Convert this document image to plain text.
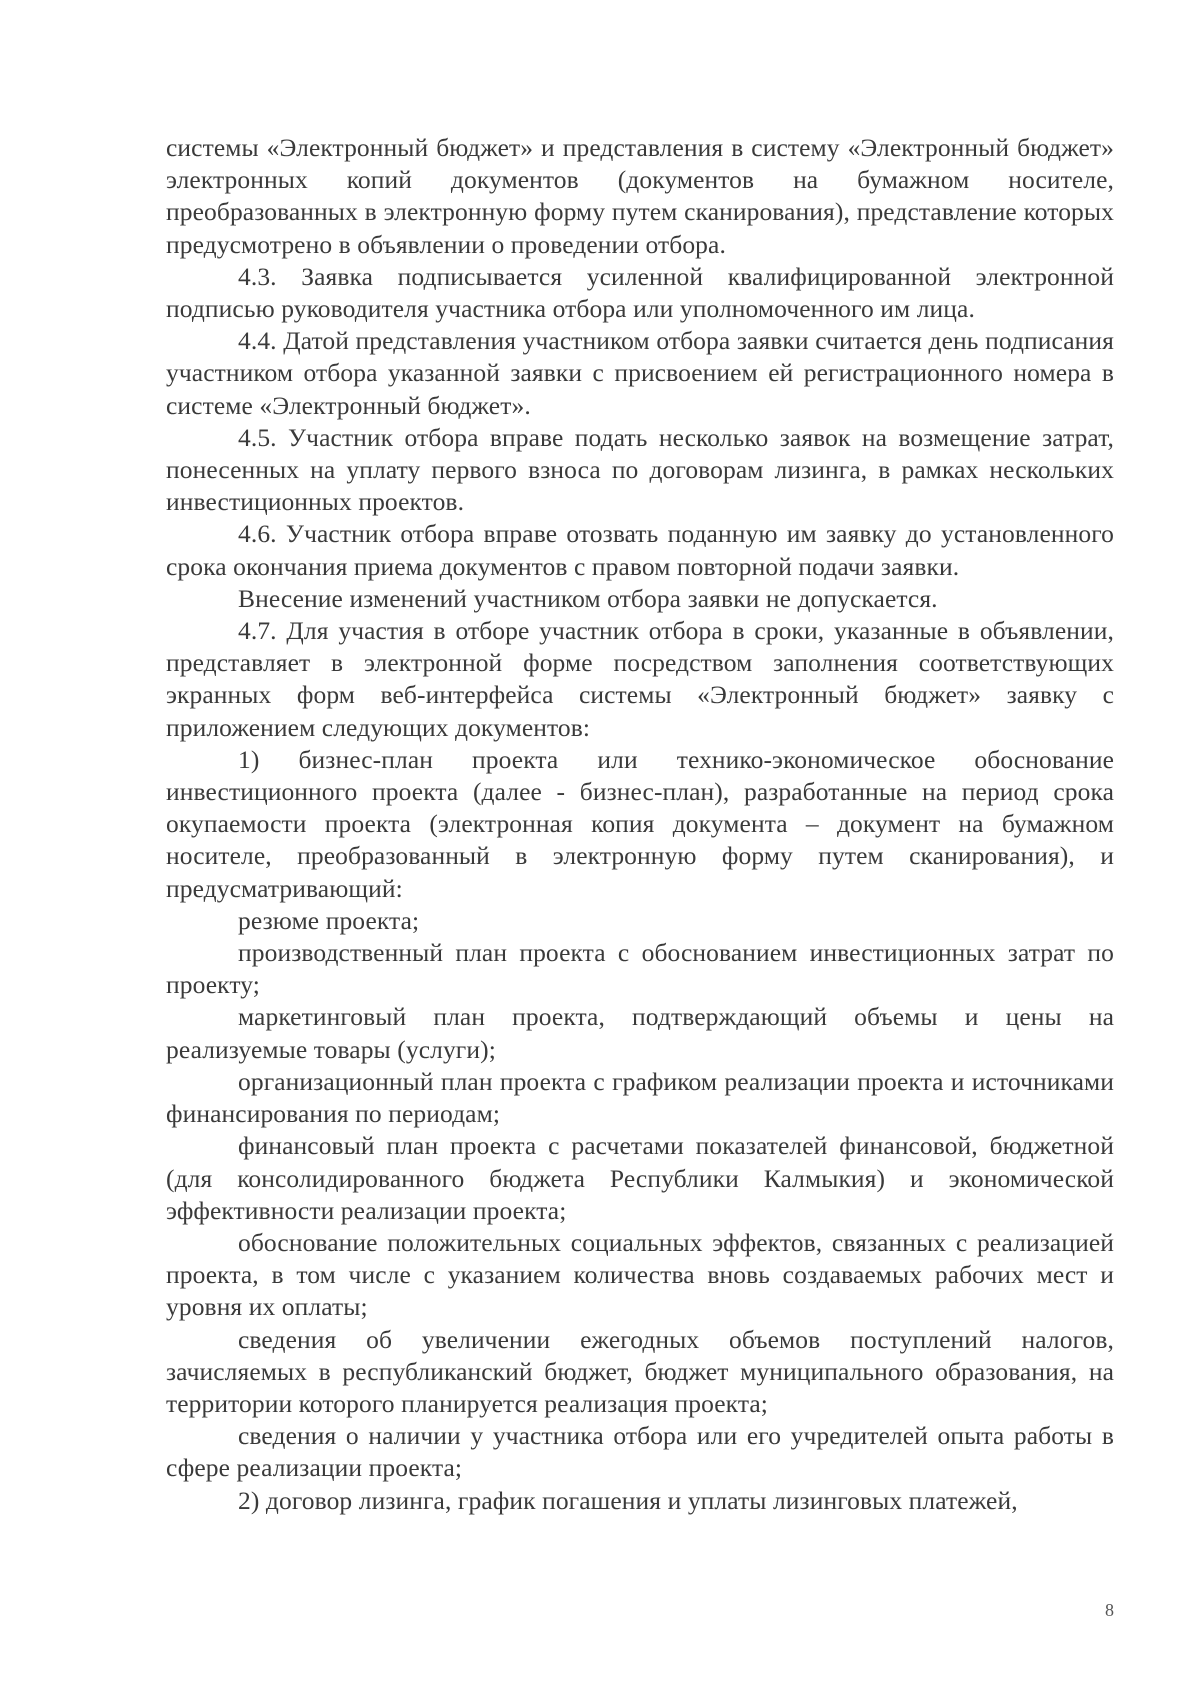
системы «Электронный бюджет» и представления в систему «Электронный бюджет» электронных копий документов (документов на бумажном носителе, преобразованных в электронную форму путем сканирования), представление которых предусмотрено в объявлении о проведении отбора.

4.3. Заявка подписывается усиленной квалифицированной электронной подписью руководителя участника отбора или уполномоченного им лица.

4.4. Датой представления участником отбора заявки считается день подписания участником отбора указанной заявки с присвоением ей регистрационного номера в системе «Электронный бюджет».

4.5. Участник отбора вправе подать несколько заявок на возмещение затрат, понесенных на уплату первого взноса по договорам лизинга, в рамках нескольких инвестиционных проектов.

4.6. Участник отбора вправе отозвать поданную им заявку до установленного срока окончания приема документов с правом повторной подачи заявки.

Внесение изменений участником отбора заявки не допускается.

4.7. Для участия в отборе участник отбора в сроки, указанные в объявлении, представляет в электронной форме посредством заполнения соответствующих экранных форм веб-интерфейса системы «Электронный бюджет» заявку с приложением следующих документов:

1) бизнес-план проекта или технико-экономическое обоснование инвестиционного проекта (далее - бизнес-план), разработанные на период срока окупаемости проекта (электронная копия документа – документ на бумажном носителе, преобразованный в электронную форму путем сканирования), и предусматривающий:

резюме проекта;

производственный план проекта с обоснованием инвестиционных затрат по проекту;

маркетинговый план проекта, подтверждающий объемы и цены на реализуемые товары (услуги);

организационный план проекта с графиком реализации проекта и источниками финансирования по периодам;

финансовый план проекта с расчетами показателей финансовой, бюджетной (для консолидированного бюджета Республики Калмыкия) и экономической эффективности реализации проекта;

обоснование положительных социальных эффектов, связанных с реализацией проекта, в том числе с указанием количества вновь создаваемых рабочих мест и уровня их оплаты;

сведения об увеличении ежегодных объемов поступлений налогов, зачисляемых в республиканский бюджет, бюджет муниципального образования, на территории которого планируется реализация проекта;

сведения о наличии у участника отбора или его учредителей опыта работы в сфере реализации проекта;

2) договор лизинга, график погашения и уплаты лизинговых платежей,

8
